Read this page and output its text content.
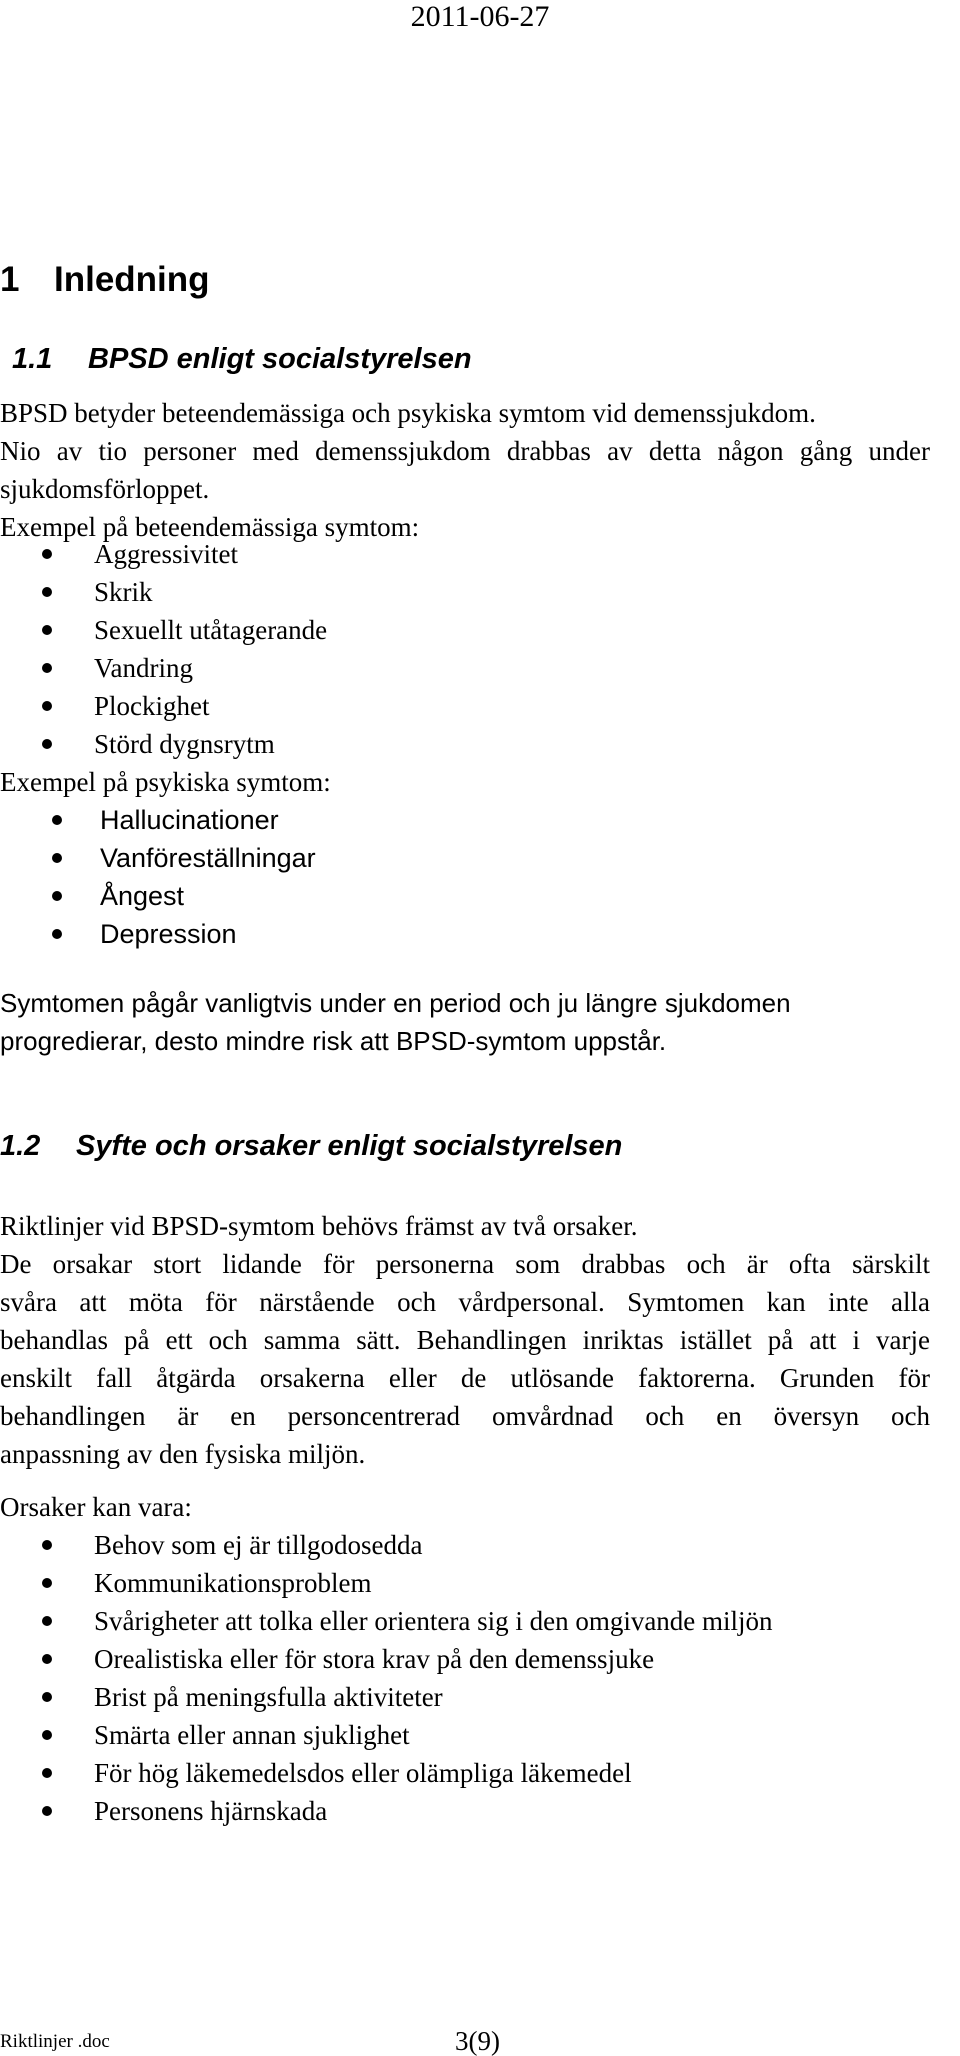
2011-06-27
1 Inledning
1.1 BPSD enligt socialstyrelsen
BPSD betyder beteendemässiga och psykiska symtom vid demenssjukdom.
Nio av tio personer med demenssjukdom drabbas av detta någon gång under
sjukdomsförloppet.
Exempel på beteendemässiga symtom:
Aggressivitet
Skrik
Sexuellt utåtagerande
Vandring
Plockighet
Störd dygnsrytm
Exempel på psykiska symtom:
Hallucinationer
Vanföreställningar
Ångest
Depression
Symtomen pågår vanligtvis under en period och ju längre sjukdomen
progredierar, desto mindre risk att BPSD-symtom uppstår.
1.2 Syfte och orsaker enligt socialstyrelsen
Riktlinjer vid BPSD-symtom behövs främst av två orsaker.
De orsakar stort lidande för personerna som drabbas och är ofta särskilt
svåra att möta för närstående och vårdpersonal. Symtomen kan inte alla
behandlas på ett och samma sätt. Behandlingen inriktas istället på att i varje
enskilt fall åtgärda orsakerna eller de utlösande faktorerna. Grunden för
behandlingen är en personcentrerad omvårdnad och en översyn och
anpassning av den fysiska miljön.
Orsaker kan vara:
Behov som ej är tillgodosedda
Kommunikationsproblem
Svårigheter att tolka eller orientera sig i den omgivande miljön
Orealistiska eller för stora krav på den demenssjuke
Brist på meningsfulla aktiviteter
Smärta eller annan sjuklighet
För hög läkemedelsdos eller olämpliga läkemedel
Personens hjärnskada
Riktlinjer .doc	3(9)
